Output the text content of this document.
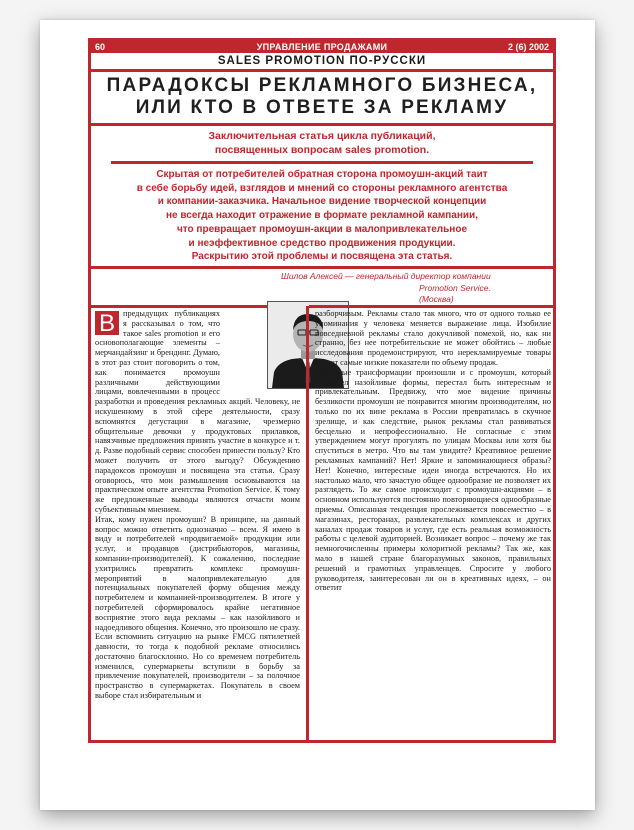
60	УПРАВЛЕНИЕ ПРОДАЖАМИ	2 (6) 2002
SALES PROMOTION ПО-РУССКИ
ПАРАДОКСЫ РЕКЛАМНОГО БИЗНЕСА,
ИЛИ КТО В ОТВЕТЕ ЗА РЕКЛАМУ
Заключительная статья цикла публикаций,
посвященных вопросам sales promotion.
Скрытая от потребителей обратная сторона промоушн-акций таит
в себе борьбу идей, взглядов и мнений со стороны рекламного агентства
и компании-заказчика. Начальное видение творческой концепции
не всегда находит отражение в формате рекламной кампании,
что превращает промоушн-акции в малопривлекательное
и неэффективное средство продвижения продукции.
Раскрытию этой проблемы и посвящена эта статья.
Шилов Алексей — генеральный директор компании
Promotion Service.
(Москва)
В предыдущих публикациях я рассказывал о том, что такое sales promotion и его основополагающие элементы – мерчандайзинг и брендинг. Думаю, в этот раз стоит поговорить о том, как понимается промоушн различными действующими лицами, вовлеченными в процесс разработки и проведения рекламных акций. Человеку, не искушенному в этой сфере деятельности, сразу вспомнятся дегустации в магазине, чрезмерно общительные девочки у продуктовых прилавков, навязчивые предложения принять участие в конкурсе и т. д. Разве подобный сервис способен принести пользу? Кто может получить от этого выгоду? Обсуждению парадоксов промоушн и посвящена эта статья. Сразу оговорюсь, что мои размышления основываются на практическом опыте агентства Promotion Service. К тому же предложенные выводы являются отчасти моим субъективным мнением.

Итак, кому нужен промоушн? В принципе, на данный вопрос можно ответить однозначно – всем. Я имею в виду и потребителей «продвигаемой» продукции или услуг, и продавцов (дистрибьюторов, магазины, компании-производителей). К сожалению, последние ухитрились превратить комплекс промоушн-мероприятий в малопривлекательную для потенциальных покупателей форму общения между потребителем и компанией-производителем. В итоге у потребителей сформировалось крайне негативное восприятие этого вида рекламы – как назойливого и надоедливого общения. Конечно, это произошло не сразу. Если вспомнить ситуацию на рынке FMCG пятилетней давности, то тогда к подобной рекламе относились достаточно благосклонно. Но со временем потребитель изменился, супермаркеты вступили в борьбу за привлечение покупателей, производители – за полочное пространство в супермаркетах. Покупатель в своем выборе стал избирательным и

разборчивым. Рекламы стало так много, что от одного только ее упоминания у человека меняется выражение лица. Изобилие повседневной рекламы стало докучливой помехой, но, как ни странно, без нее потребительские не может обойтись – любые исследования продемонстрируют, что нерекламируемые товары имеют самые низкие показатели по объему продаж.

Подобные трансформации произошли и с промоушн, который приобрел назойливые формы, перестал быть интересным и привлекательным. Предвижу, что мое видение причины безликости промоушн не понравится многим производителям, но только по их вине реклама в России превратилась в скучное зрелище, и как следствие, рынок рекламы стал развиваться бесцельно и непрофессионально. Не согласные с этим утверждением могут прогулять по улицам Москвы или хотя бы спуститься в метро. Что вы там увидите? Креативное решение рекламных кампаний? Нет! Яркие и запоминающиеся образы? Нет! Конечно, интересные идеи иногда встречаются. Но их настолько мало, что зачастую общее однообразие не позволяет их разглядеть. То же самое происходит с промоушн-акциями – в основном используются постоянно повторяющиеся однообразные приемы. Описанная тенденция прослеживается повсеместно – в магазинах, ресторанах, развлекательных комплексах и других каналах продаж товаров и услуг, где есть реальная возможность работы с целевой аудиторией. Возникает вопрос – почему же так немногочисленны примеры колоритной рекламы? Так же, как мало в нашей стране благоразумных законов, правильных решений и грамотных управленцев. Спросите у любого руководителя, заинтересован ли он в креативных идеях, – он ответит
